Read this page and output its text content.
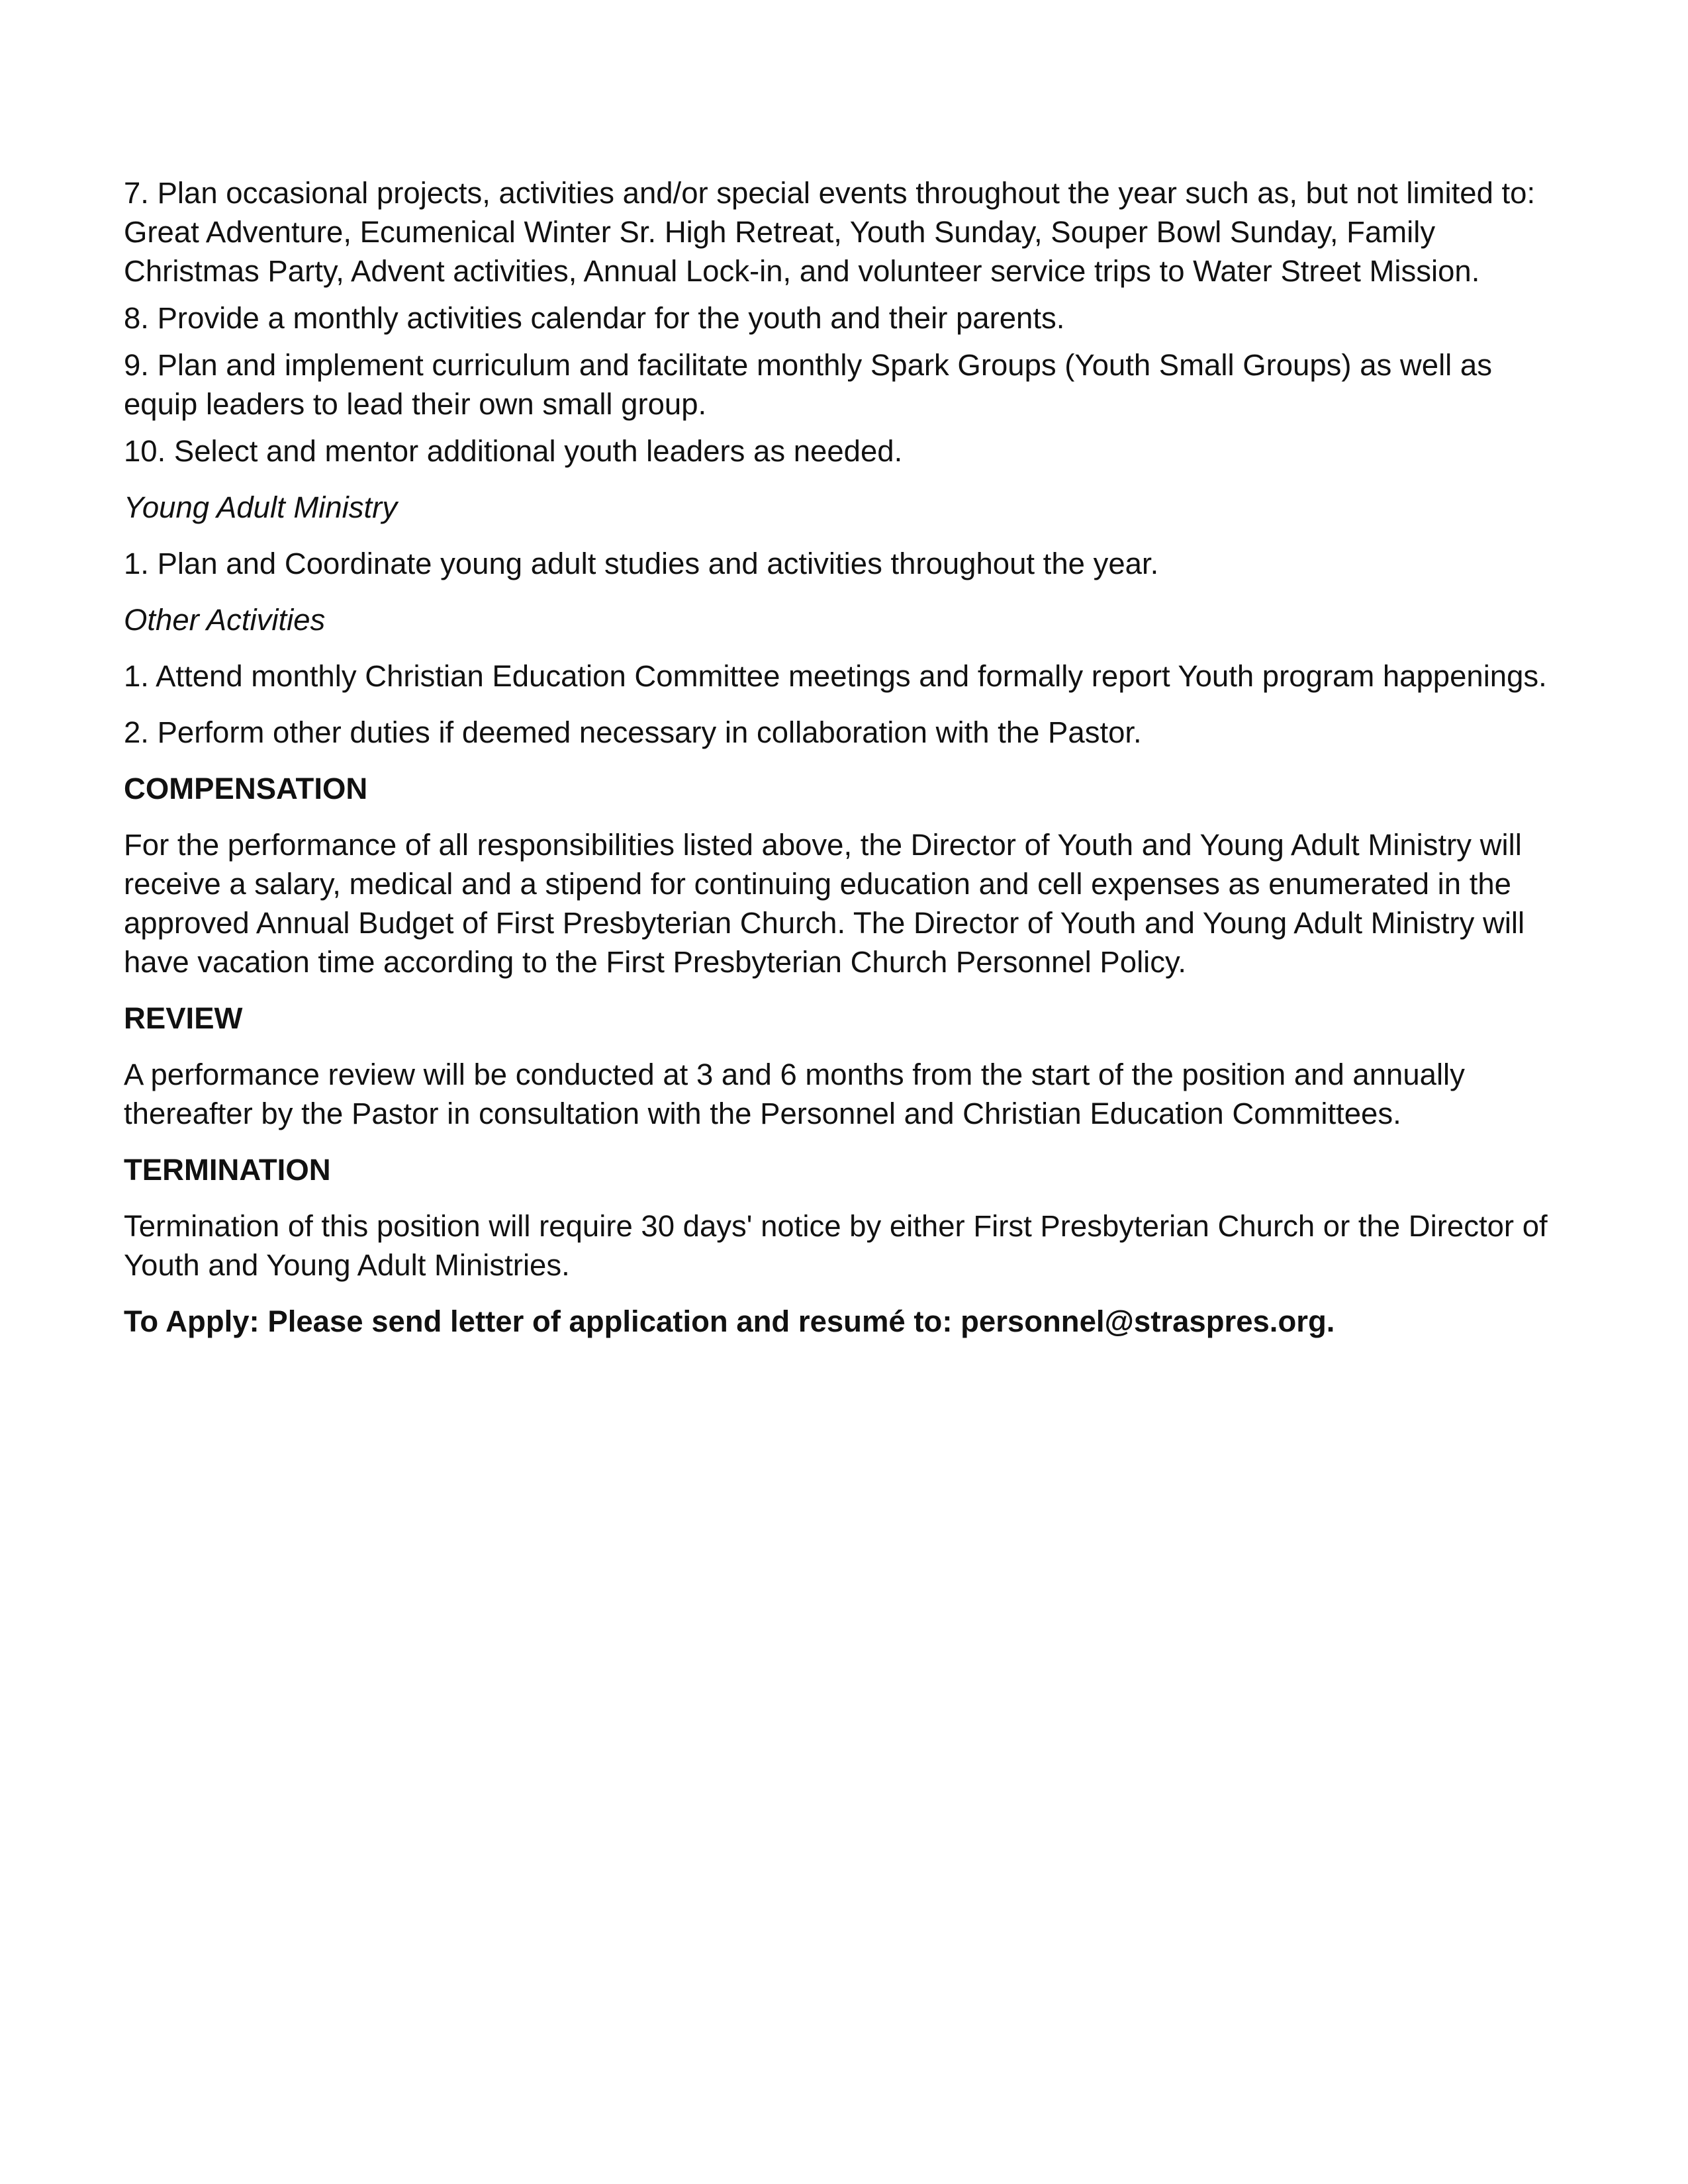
7. Plan occasional projects, activities and/or special events throughout the year such as, but not limited to: Great Adventure, Ecumenical Winter Sr. High Retreat, Youth Sunday, Souper Bowl Sunday, Family Christmas Party, Advent activities, Annual Lock-in, and volunteer service trips to Water Street Mission.

8. Provide a monthly activities calendar for the youth and their parents.

9. Plan and implement curriculum and facilitate monthly Spark Groups (Youth Small Groups) as well as equip leaders to lead their own small group.

10. Select and mentor additional youth leaders as needed.

Young Adult Ministry

1. Plan and Coordinate young adult studies and activities throughout the year.

Other Activities

1. Attend monthly Christian Education Committee meetings and formally report Youth program happenings.

2. Perform other duties if deemed necessary in collaboration with the Pastor.

COMPENSATION

For the performance of all responsibilities listed above, the Director of Youth and Young Adult Ministry will receive a salary, medical and a stipend for continuing education and cell expenses as enumerated in the approved Annual Budget of First Presbyterian Church. The Director of Youth and Young Adult Ministry will have vacation time according to the First Presbyterian Church Personnel Policy.

REVIEW

A performance review will be conducted at 3 and 6 months from the start of the position and annually thereafter by the Pastor in consultation with the Personnel and Christian Education Committees.

TERMINATION

Termination of this position will require 30 days' notice by either First Presbyterian Church or the Director of Youth and Young Adult Ministries.

To Apply: Please send letter of application and resumé to: personnel@straspres.org.
